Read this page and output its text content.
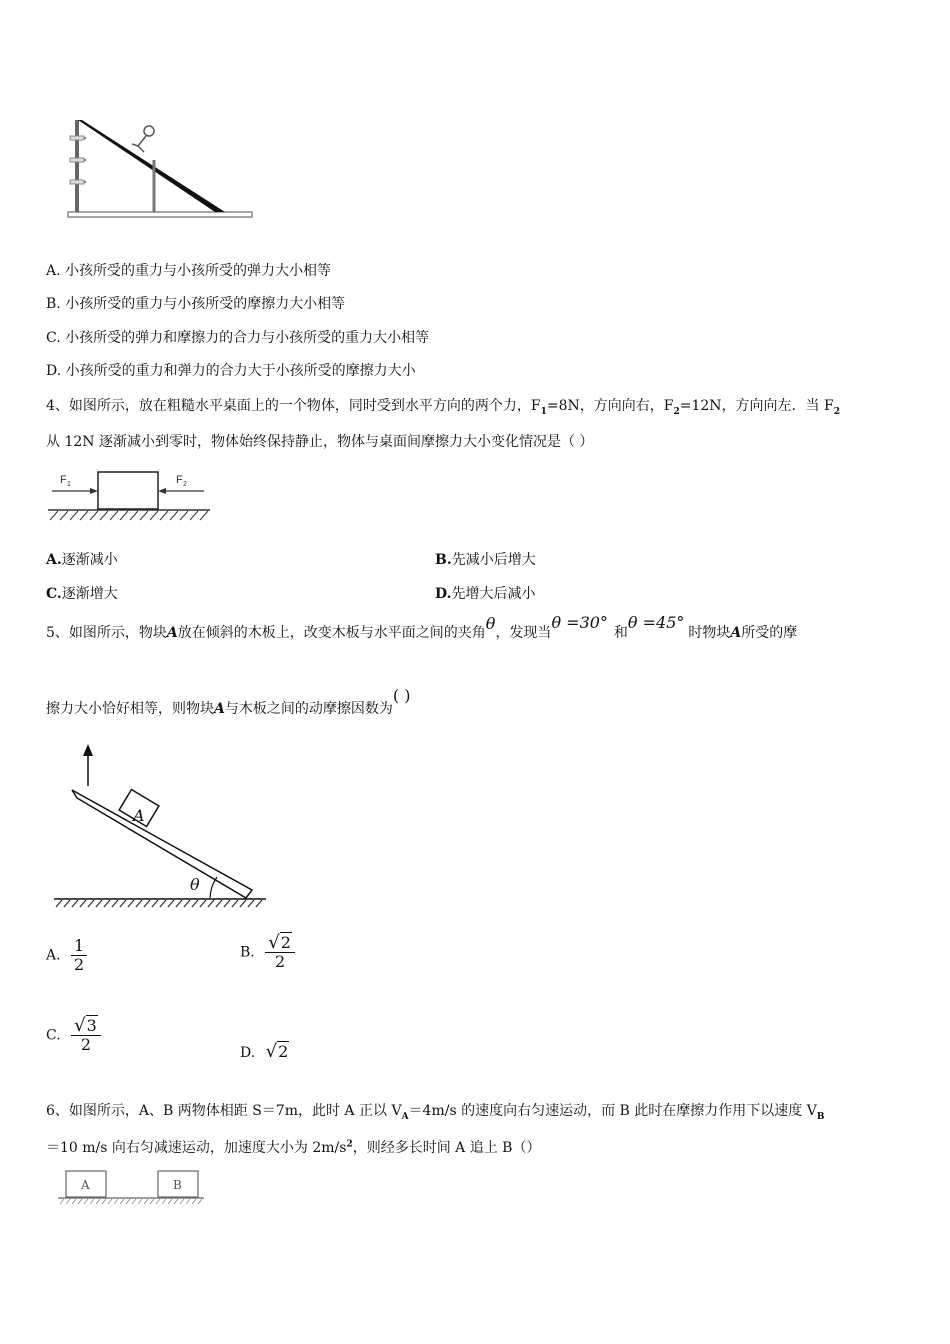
A. 小孩所受的重力与小孩所受的弹力大小相等
B. 小孩所受的重力与小孩所受的摩擦力大小相等
C. 小孩所受的弹力和摩擦力的合力与小孩所受的重力大小相等
D. 小孩所受的重力和弹力的合力大于小孩所受的摩擦力大小
4、如图所示，放在粗糙水平桌面上的一个物体，同时受到水平方向的两个力，$F_1=8N$，方向向右，$F_2=12N$，方向向左．当 $F_2$
从 12N 逐渐减小到零时，物体始终保持静止，物体与桌面间摩擦力大小变化情况是（ ）
F 1	F 2
A.逐渐减小	B.先减小后增大
C.逐渐增大	D.先增大后减小
5、如图所示，物块A放在倾斜的木板上，改变木板与水平面之间的夹角θ，发现当θ =30°和θ =45°时物块A所受的摩
擦力大小恰好相等，则物块A与木板之间的动摩擦因数为( )
A
θ
A. $\frac{1}{2}$	B. $\frac{√2}{2}$
C. $\frac{√3}{2}$	D. √2
6、如图所示，A、B 两物体相距 S＝7m，此时 A 正以 $V_A=4m/s$ 的速度向右匀速运动，而 B 此时在摩擦力作用下以速度 $V_B$
＝10 m/s 向右匀减速运动，加速度大小为 $2m/s^2$，则经多长时间 A 追上 B（）
A	B
